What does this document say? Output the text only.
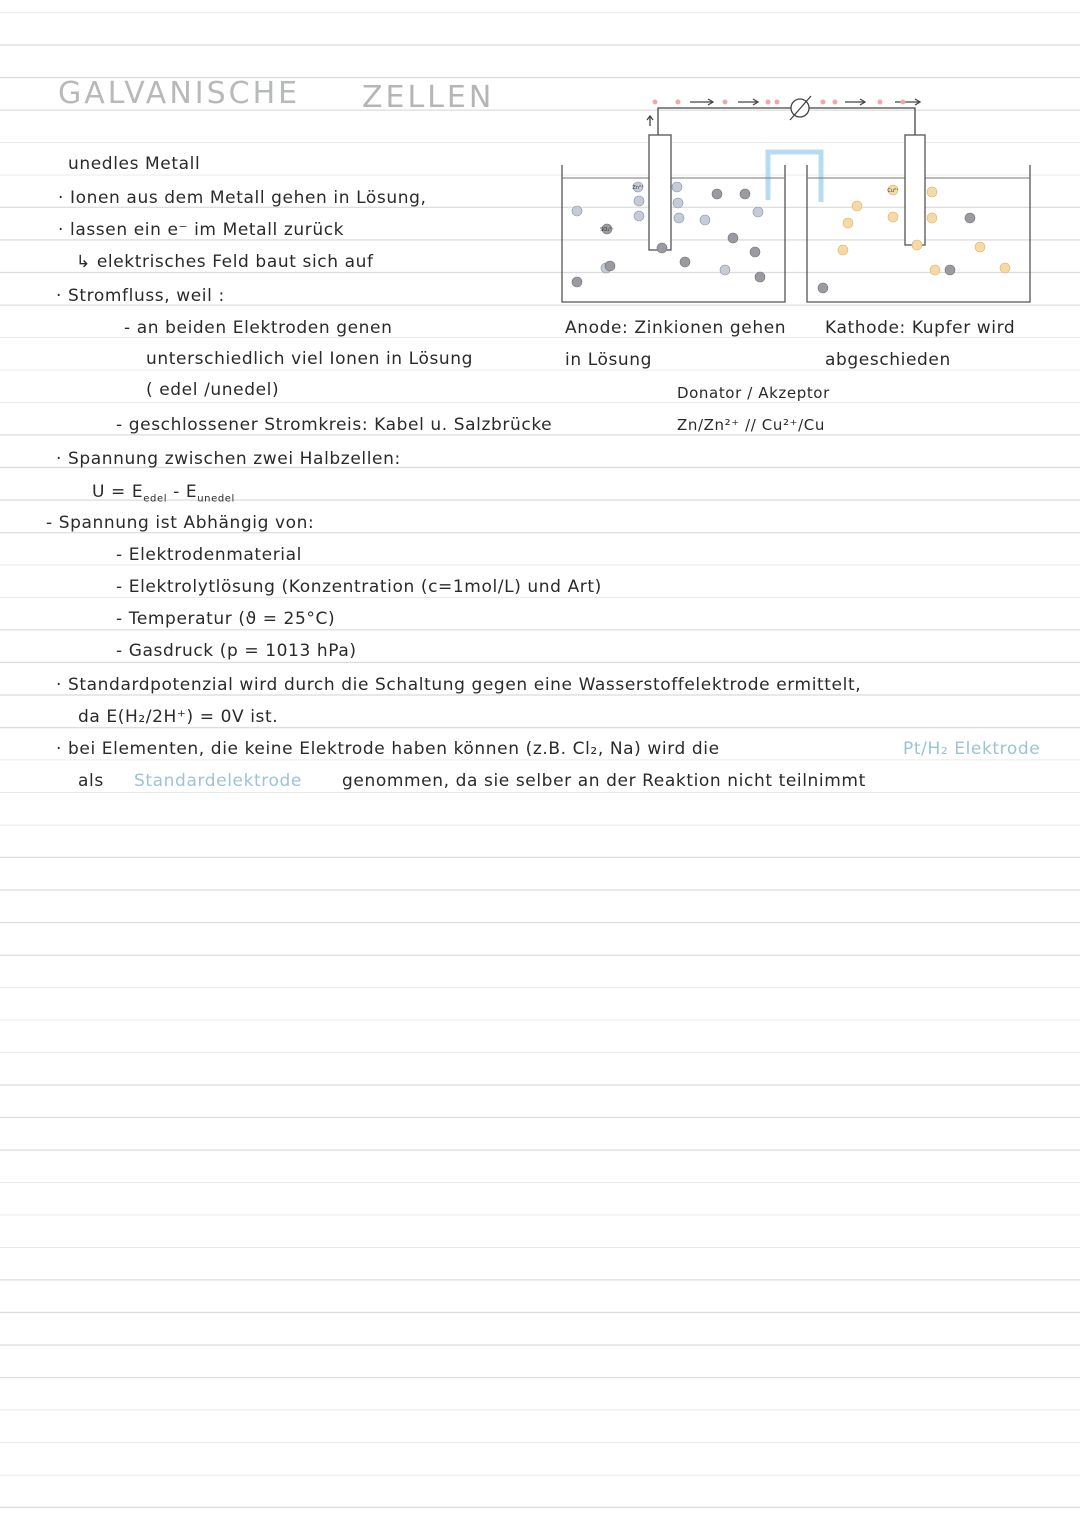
GALVANISCHE ZELLEN
unedles Metall
· Ionen aus dem Metall gehen in Lösung,
· lassen ein e⁻ im Metall zurück
↳ elektrisches Feld baut sich auf
· Stromfluss, weil :
- an beiden Elektroden genen
unterschiedlich viel Ionen in Lösung
( edel /unedel)
- geschlossener Stromkreis: Kabel u. Salzbrücke
Zn²⁺
SO₄²⁻
Cu²⁺
Anode: Zinkionen gehen
in Lösung
Kathode: Kupfer wird
abgeschieden
Donator / Akzeptor
Zn/Zn²⁺ // Cu²⁺/Cu
· Spannung zwischen zwei Halbzellen:
$U = E_{edel} - E_{unedel}$
- Spannung ist Abhängig von:
- Elektrodenmaterial
- Elektrolytlösung (Konzentration (c=1mol/L) und Art)
- Temperatur (ϑ = 25°C)
- Gasdruck (p = 1013 hPa)
· Standardpotenzial wird durch die Schaltung gegen eine Wasserstoffelektrode ermittelt,
da E(H₂/2H⁺) = 0V ist.
· bei Elementen, die keine Elektrode haben können (z.B. Cl₂, Na) wird die	Pt/H₂ Elektrode
als Standardelektrode genommen, da sie selber an der Reaktion nicht teilnimmt
